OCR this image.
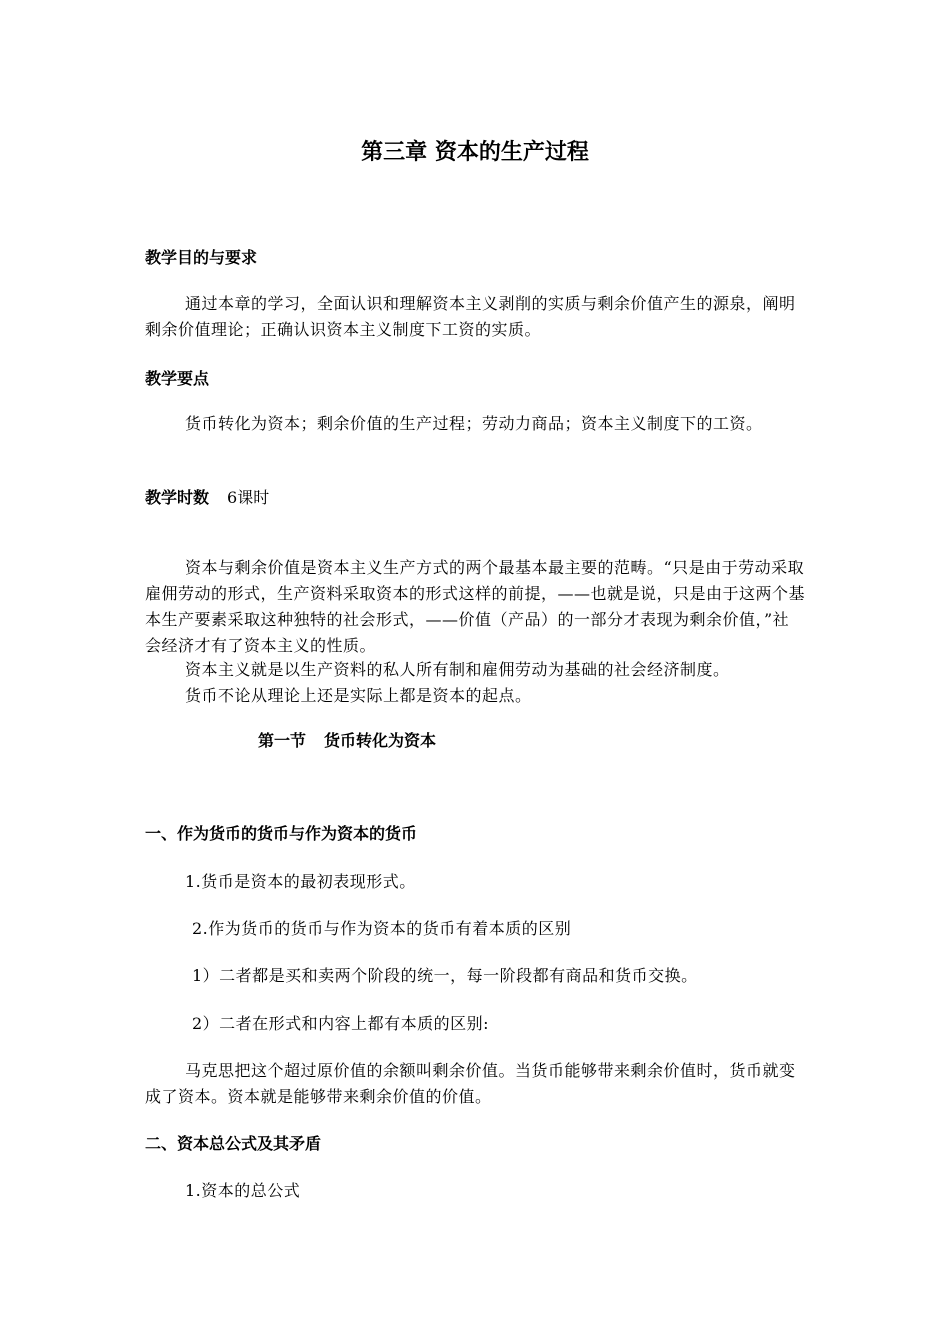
第三章 资本的生产过程
教学目的与要求

通过本章的学习，全面认识和理解资本主义剥削的实质与剩余价值产生的源泉，阐明剩余价值理论；正确认识资本主义制度下工资的实质。

教学要点

货币转化为资本；剩余价值的生产过程；劳动力商品；资本主义制度下的工资。

教学时数 6课时

资本与剩余价值是资本主义生产方式的两个最基本最主要的范畴。“只是由于劳动采取雇佣劳动的形式，生产资料采取资本的形式这样的前提，——也就是说，只是由于这两个基本生产要素采取这种独特的社会形式，——价值（产品）的一部分才表现为剩余价值，”社会经济才有了资本主义的性质。

资本主义就是以生产资料的私人所有制和雇佣劳动为基础的社会经济制度。

货币不论从理论上还是实际上都是资本的起点。

第一节 货币转化为资本
一、作为货币的货币与作为资本的货币

1.货币是资本的最初表现形式。

2.作为货币的货币与作为资本的货币有着本质的区别

1）二者都是买和卖两个阶段的统一，每一阶段都有商品和货币交换。

2）二者在形式和内容上都有本质的区别:

马克思把这个超过原价值的余额叫剩余价值。当货币能够带来剩余价值时，货币就变成了资本。资本就是能够带来剩余价值的价值。

二、资本总公式及其矛盾

1.资本的总公式
